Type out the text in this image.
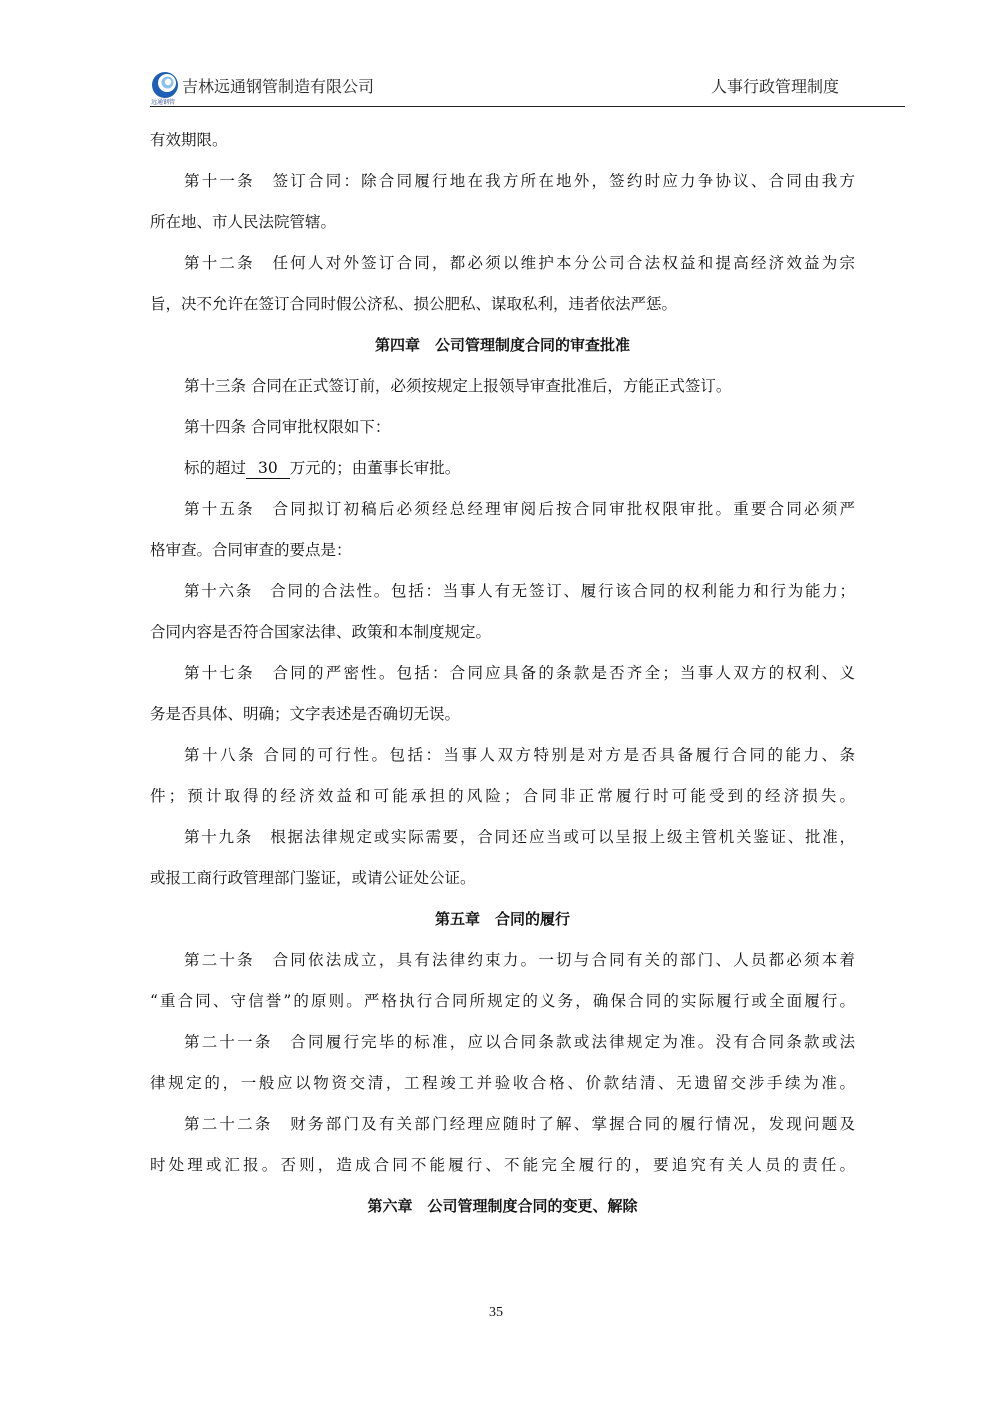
远通钢管
吉林远通钢管制造有限公司	人事行政管理制度

有效期限。

第十一条　签订合同：除合同履行地在我方所在地外，签约时应力争协议、合同由我方

所在地、市人民法院管辖。

第十二条　任何人对外签订合同，都必须以维护本分公司合法权益和提高经济效益为宗

旨，决不允许在签订合同时假公济私、损公肥私、谋取私利，违者依法严惩。

第四章　公司管理制度合同的审查批准

第十三条 合同在正式签订前，必须按规定上报领导审查批准后，方能正式签订。

第十四条 合同审批权限如下：

标的超过 30 万元的；由董事长审批。

第十五条　合同拟订初稿后必须经总经理审阅后按合同审批权限审批。重要合同必须严

格审查。合同审查的要点是：

第十六条　合同的合法性。包括：当事人有无签订、履行该合同的权利能力和行为能力；

合同内容是否符合国家法律、政策和本制度规定。

第十七条　合同的严密性。包括：合同应具备的条款是否齐全；当事人双方的权利、义

务是否具体、明确；文字表述是否确切无误。

第十八条 合同的可行性。包括：当事人双方特别是对方是否具备履行合同的能力、条

件；预计取得的经济效益和可能承担的风险；合同非正常履行时可能受到的经济损失。

第十九条　根据法律规定或实际需要，合同还应当或可以呈报上级主管机关鉴证、批准，

或报工商行政管理部门鉴证，或请公证处公证。

第五章　合同的履行

第二十条　合同依法成立，具有法律约束力。一切与合同有关的部门、人员都必须本着

“重合同、守信誉”的原则。严格执行合同所规定的义务，确保合同的实际履行或全面履行。

第二十一条　合同履行完毕的标准，应以合同条款或法律规定为准。没有合同条款或法

律规定的，一般应以物资交清，工程竣工并验收合格、价款结清、无遗留交涉手续为准。

第二十二条　财务部门及有关部门经理应随时了解、掌握合同的履行情况，发现问题及

时处理或汇报。否则，造成合同不能履行、不能完全履行的，要追究有关人员的责任。

第六章　公司管理制度合同的变更、解除

35
